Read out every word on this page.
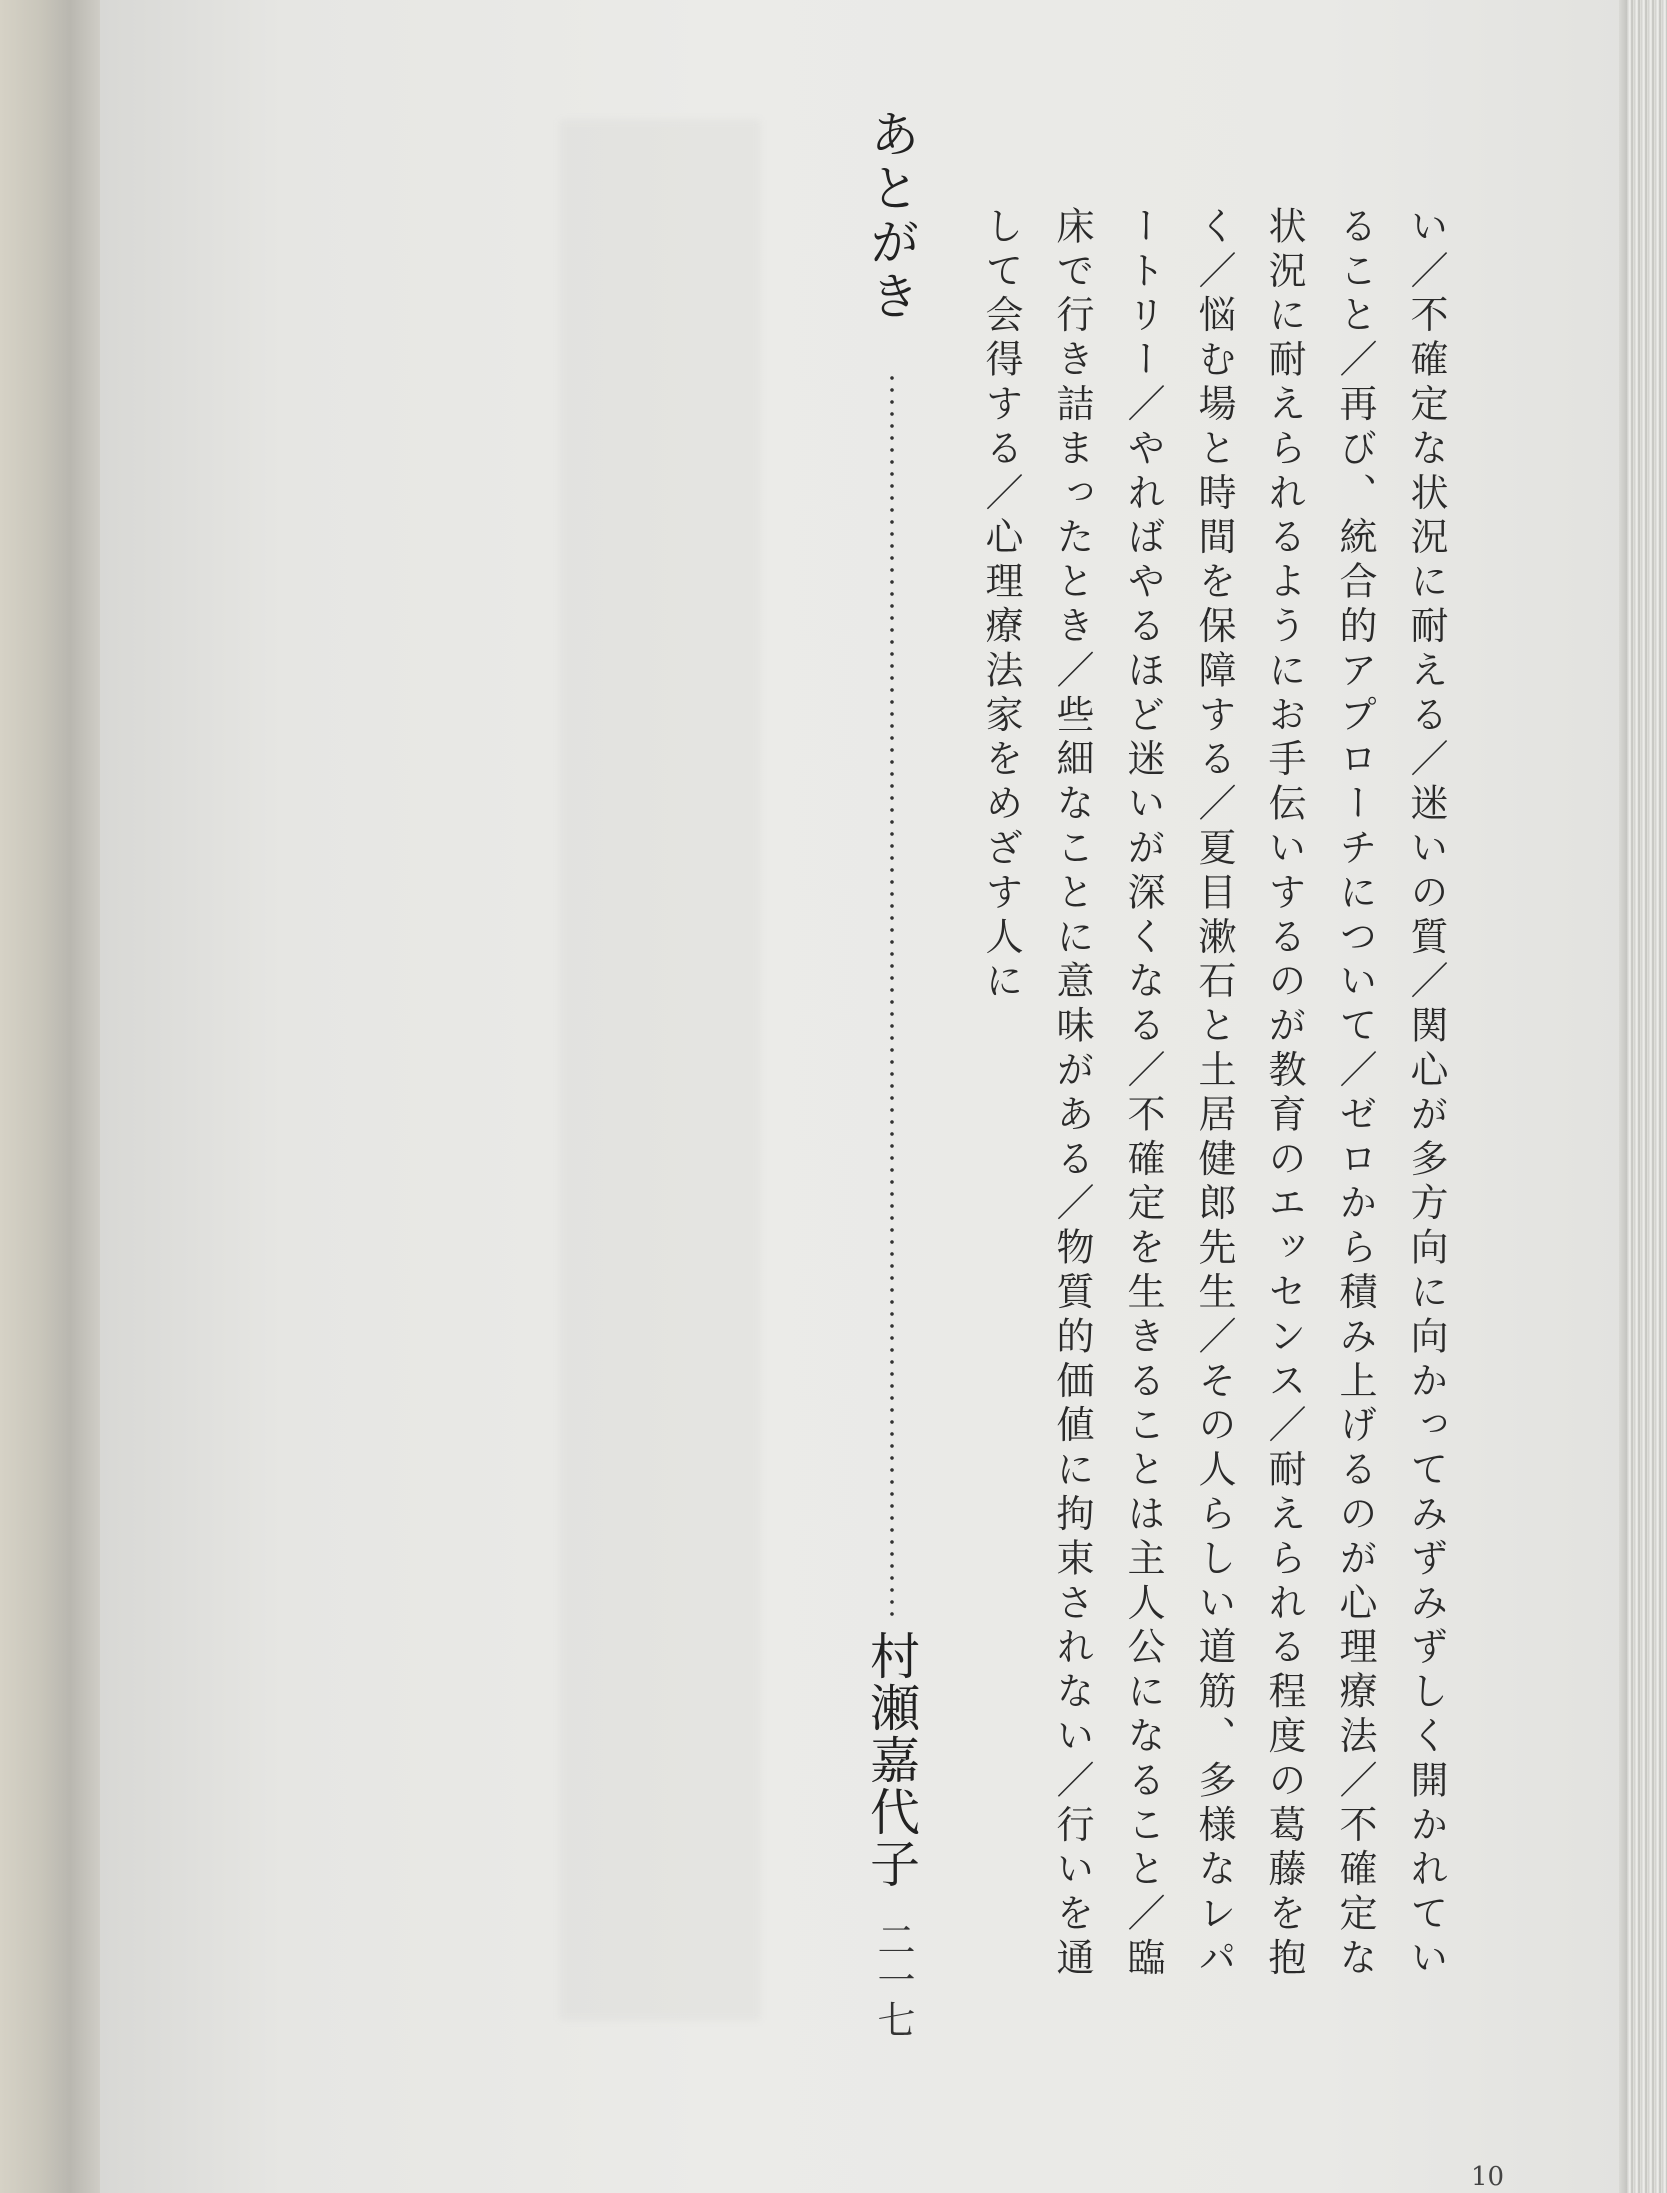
い／不確定な状況に耐える／迷いの質／関心が多方向に向かってみずみずしく開かれてい
ること／再び、統合的アプローチについて／ゼロから積み上げるのが心理療法／不確定な
状況に耐えられるようにお手伝いするのが教育のエッセンス／耐えられる程度の葛藤を抱
く／悩む場と時間を保障する／夏目漱石と土居健郎先生／その人らしい道筋、多様なレパ
ートリー／やればやるほど迷いが深くなる／不確定を生きることは主人公になること／臨
床で行き詰まったとき／些細なことに意味がある／物質的価値に拘束されない／行いを通
して会得する／心理療法家をめざす人に
あとがき
村瀬嘉代子
二一七
10
